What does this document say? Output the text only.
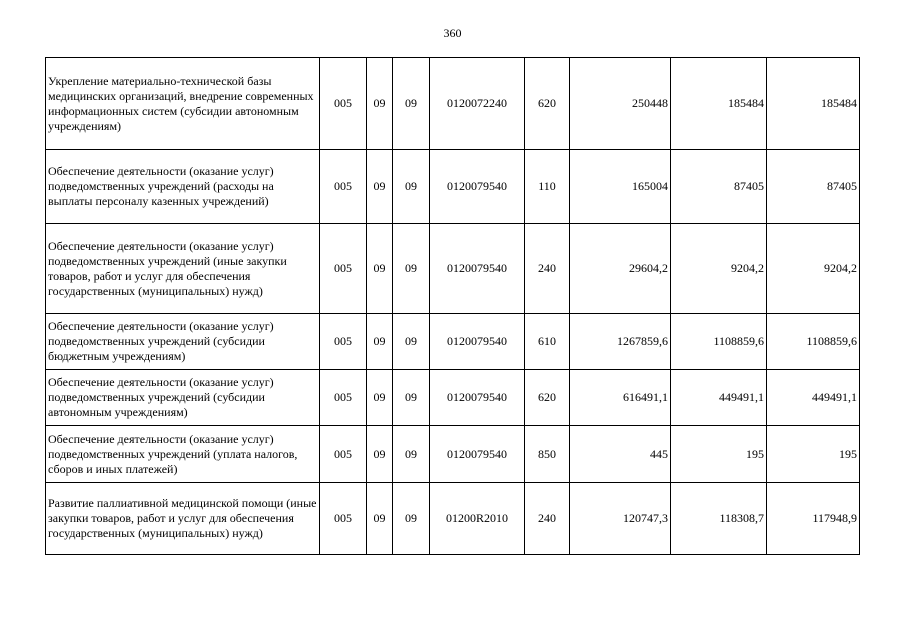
360
Укрепление материально-технической базы медицинских организаций, внедрение современных информационных систем (субсидии автономным учреждениям)	005	09	09	0120072240	620	250448	185484	185484
Обеспечение деятельности (оказание услуг) подведомственных учреждений (расходы на выплаты персоналу казенных учреждений)	005	09	09	0120079540	110	165004	87405	87405
Обеспечение деятельности (оказание услуг) подведомственных учреждений (иные закупки товаров, работ и услуг для обеспечения государственных (муниципальных) нужд)	005	09	09	0120079540	240	29604,2	9204,2	9204,2
Обеспечение деятельности (оказание услуг) подведомственных учреждений (субсидии бюджетным учреждениям)	005	09	09	0120079540	610	1267859,6	1108859,6	1108859,6
Обеспечение деятельности (оказание услуг) подведомственных учреждений (субсидии автономным учреждениям)	005	09	09	0120079540	620	616491,1	449491,1	449491,1
Обеспечение деятельности (оказание услуг) подведомственных учреждений (уплата налогов, сборов и иных платежей)	005	09	09	0120079540	850	445	195	195
Развитие паллиативной медицинской помощи (иные закупки товаров, работ и услуг для обеспечения государственных (муниципальных) нужд)	005	09	09	01200R2010	240	120747,3	118308,7	117948,9
